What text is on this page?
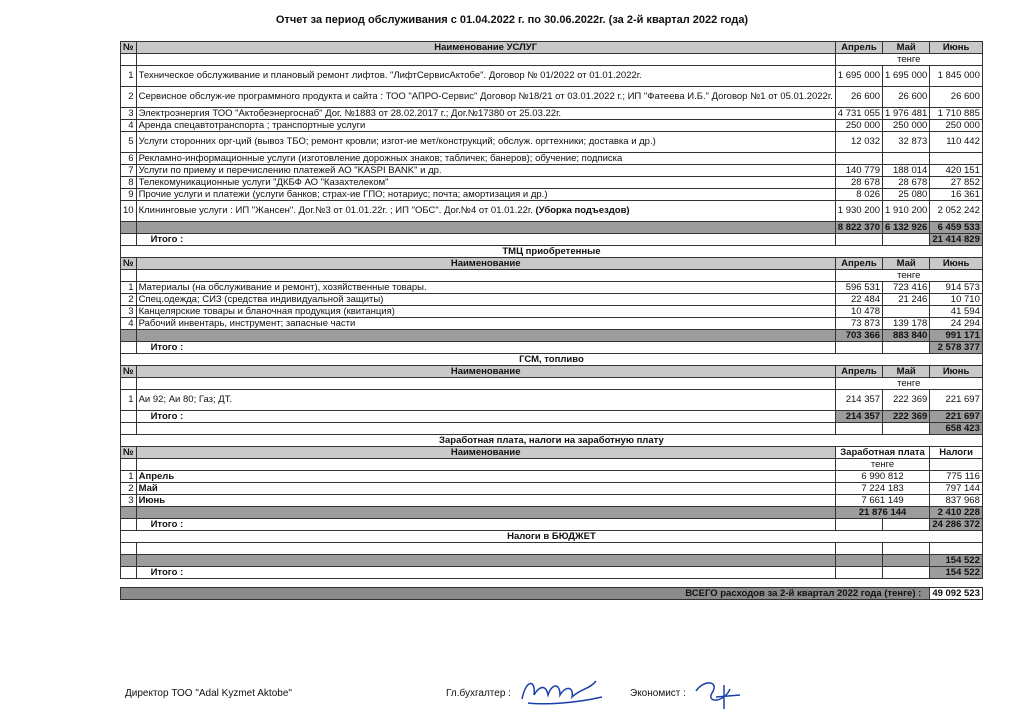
Отчет за период обслуживания с 01.04.2022 г. по 30.06.2022г. (за 2-й квартал 2022 года)
№	Наименование УСЛУГ	Апрель	Май	Июнь
		тенге		
1	Техническое обслуживание и плановый ремонт лифтов. "ЛифтСервисАктобе". Договор № 01/2022 от 01.01.2022г.	1 695 000	1 695 000	1 845 000
2	Сервисное обслуж-ие программного продукта и сайта : ТОО "АПРО-Сервис" Договор №18/21 от 03.01.2022 г.; ИП "Фатеева И.Б." Договор №1 от 05.01.2022г.	26 600	26 600	26 600
3	Электроэнергия ТОО "Актобеэнергоснаб" Дог. №1883 от 28.02.2017 г.; Дог.№17380 от 25.03.22г.	4 731 055	1 976 481	1 710 885
4	Аренда спецавтотранспорта ; транспортные услуги	250 000	250 000	250 000
5	Услуги сторонних орг-ций (вывоз ТБО; ремонт кровли; изгот-ие мет/конструкций; обслуж. оргтехники; доставка и др.)	12 032	32 873	110 442
6	Рекламно-информационные услуги (изготовление дорожных знаков; табличек; банеров); обучение; подписка			
7	Услуги по приему и перечислению платежей АО "KASPI BANK" и др.	140 779	188 014	420 151
8	Телекомуникационные услуги "ДКБФ АО "Казахтелеком"	28 678	28 678	27 852
9	Прочие услуги и платежи (услуги банков; страх-ие ГПО; нотариус; почта; амортизация и др.)	8 026	25 080	16 361
10	Клининговые услуги : ИП "Жансен". Дог.№3 от 01.01.22г. ; ИП "ОБС". Дог.№4 от 01.01.22г. (Уборка подъездов)	1 930 200	1 910 200	2 052 242
		8 822 370	6 132 926	6 459 533
	Итого :			21 414 829
ТМЦ приобретенные				
№	Наименование	Апрель	Май	Июнь
		тенге		
1	Материалы (на обслуживание и ремонт), хозяйственные товары.	596 531	723 416	914 573
2	Спец.одежда; СИЗ (средства индивидуальной защиты)	22 484	21 246	10 710
3	Канцелярские товары и бланочная продукция (квитанция)	10 478		41 594
4	Рабочий инвентарь, инструмент; запасные части	73 873	139 178	24 294
		703 366	883 840	991 171
	Итого :			2 578 377
ГСМ, топливо				
№	Наименование	Апрель	Май	Июнь
		тенге		
1	Аи 92; Аи 80; Газ; ДТ.	214 357	222 369	221 697
	Итого :	214 357	222 369	221 697
				658 423
Заработная плата, налоги на заработную плату				
№	Наименование	Заработная плата		Налоги
		тенге		
1	Апрель	6 990 812		775 116
2	Май	7 224 183		797 144
3	Июнь	7 661 149		837 968
		21 876 144		2 410 228
	Итого :			24 286 372
Налоги в БЮДЖЕТ				

				154 522
	Итого :			154 522

ВСЕГО расходов за 2-й квартал 2022 года (тенге) :				49 092 523
Директор ТОО "Adal Kyzmet Aktobe"	Гл.бухгалтер :	Экономист :
